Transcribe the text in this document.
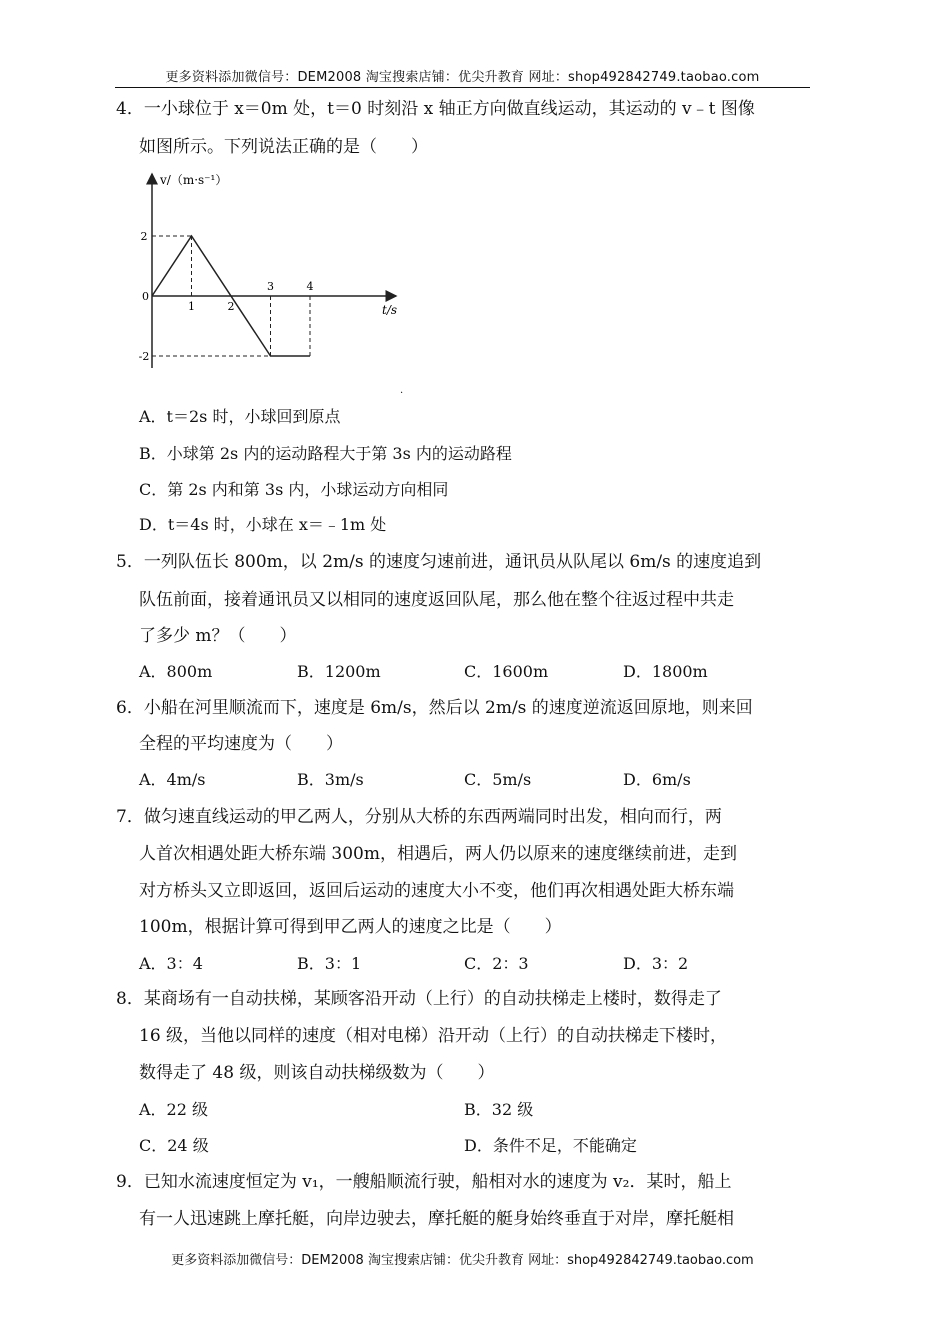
更多资料添加微信号：DEM2008 淘宝搜索店铺：优尖升教育 网址：shop492842749.taobao.com
4．一小球位于 x＝0m 处，t＝0 时刻沿 x 轴正方向做直线运动，其运动的 v﹣t 图像
如图所示。下列说法正确的是（　　）
v/（m·s⁻¹）
t/s
0
1	2
3	4
2
-2
.
A．t＝2s 时，小球回到原点
B．小球第 2s 内的运动路程大于第 3s 内的运动路程
C．第 2s 内和第 3s 内，小球运动方向相同
D．t＝4s 时，小球在 x＝﹣1m 处
5．一列队伍长 800m，以 2m/s 的速度匀速前进，通讯员从队尾以 6m/s 的速度追到
队伍前面，接着通讯员又以相同的速度返回队尾，那么他在整个往返过程中共走
了多少 m？（　　）
A．800m	B．1200m	C．1600m	D．1800m
6．小船在河里顺流而下，速度是 6m/s，然后以 2m/s 的速度逆流返回原地，则来回
全程的平均速度为（　　）
A．4m/s	B．3m/s	C．5m/s	D．6m/s
7．做匀速直线运动的甲乙两人，分别从大桥的东西两端同时出发，相向而行，两
人首次相遇处距大桥东端 300m，相遇后，两人仍以原来的速度继续前进，走到
对方桥头又立即返回，返回后运动的速度大小不变，他们再次相遇处距大桥东端
100m，根据计算可得到甲乙两人的速度之比是（　　）
A．3：4	B．3：1	C．2：3	D．3：2
8．某商场有一自动扶梯，某顾客沿开动（上行）的自动扶梯走上楼时，数得走了
16 级，当他以同样的速度（相对电梯）沿开动（上行）的自动扶梯走下楼时，
数得走了 48 级，则该自动扶梯级数为（　　）
A．22 级	B．32 级
C．24 级	D．条件不足，不能确定
9．已知水流速度恒定为 v₁，一艘船顺流行驶，船相对水的速度为 v₂．某时，船上
有一人迅速跳上摩托艇，向岸边驶去，摩托艇的艇身始终垂直于对岸，摩托艇相
更多资料添加微信号：DEM2008 淘宝搜索店铺：优尖升教育 网址：shop492842749.taobao.com
